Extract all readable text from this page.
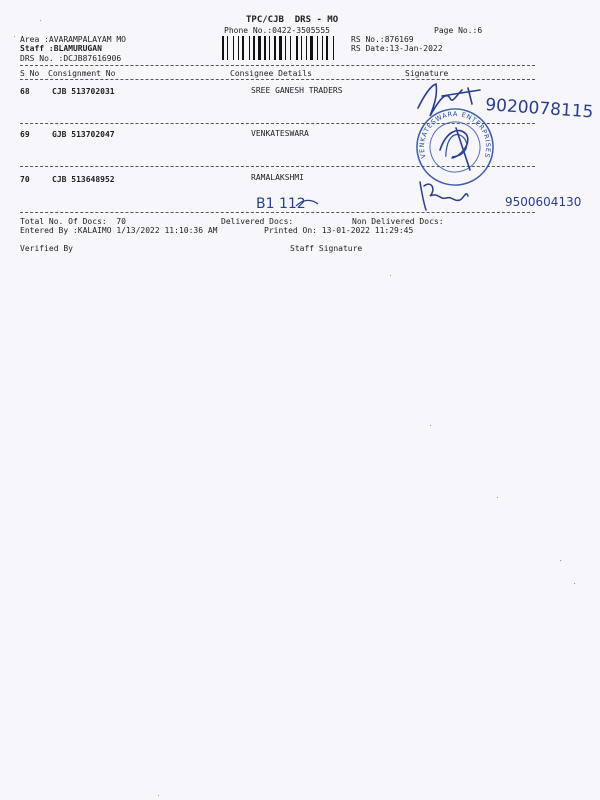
TPC/CJB  DRS - MO
Phone No.:0422-3505555	Page No.:6
Area :AVARAMPALAYAM MO
Staff :BLAMURUGAN
DRS No. :DCJB87616906
RS No.:876169
RS Date:13-Jan-2022
S No Consignment No	Consignee Details	Signature
68	CJB 513702031	SREE GANESH TRADERS
69	GJB 513702047	VENKATESWARA
70	CJB 513648952	RAMALAKSHMI
Total No. Of Docs:  70	Delivered Docs:	Non Delivered Docs:
Entered By :KALAIMO 1/13/2022 11:10:36 AM	Printed On: 13-01-2022 11:29:45
Verified By	Staff Signature
9020078115
VENKATESWARA ENTERPRISES
9500604130
B1 112
